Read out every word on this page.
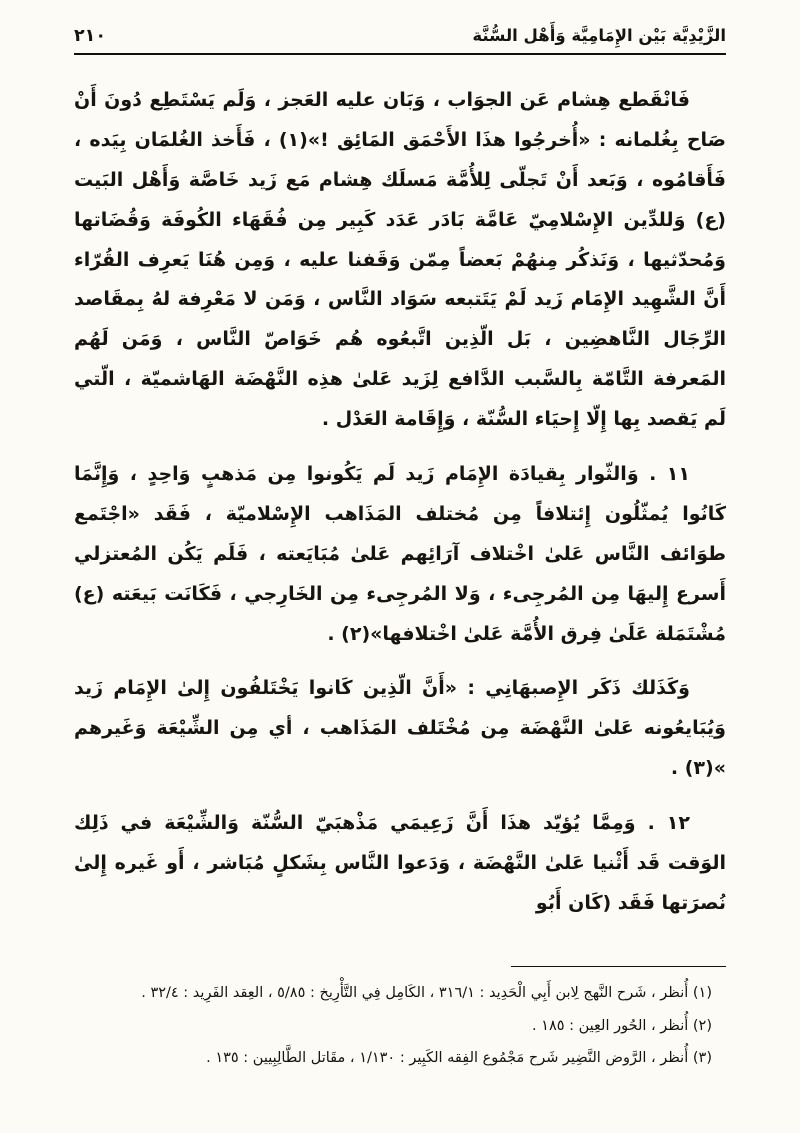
الزَّيْدِيَّة بَيْن الإِمَامِيَّة وَأَهْل السُّنَّة
٢١٠

فَانْقَطع هِشام عَن الجوَاب ، وَبَان عليه العَجز ، وَلَم يَسْتَطِع دُونَ أَنْ صَاح بِغُلمانه : «أُخرجُوا هذَا الأَحْمَق المَائِق !»(١) ، فَأَخذ الغُلمَان بِيَده ، فَأَقامُوه ، وَبَعد أَنْ تَجلّى لِلأُمَّة مَسلَك هِشام مَع زَيد خَاصَّة وَأَهْل البَيت (ع) وَللدِّين الإِسْلامِيّ عَامَّة بَادَر عَدَد كَبِير مِن فُقَهَاء الكُوفَة وَقُضَاتها وَمُحدّثيها ، وَنَذكُر مِنهُمْ بَعضاً مِمّن وَقَفنا عليه ، وَمِن هُنَا يَعرِف القُرّاء أَنَّ الشَّهِيد الإِمَام زَيد لَمْ يَتَتبعه سَوَاد النَّاس ، وَمَن لا مَعْرِفة لهُ بِمقَاصد الرِّجَال النَّاهضِين ، بَل الّذِين اتَّبعُوه هُم خَوَاصّ النَّاس ، وَمَن لَهُم المَعرفة التَّامّة بِالسَّبب الدَّافع لِزَيد عَلىٰ هذِه النَّهْضَة الهَاشميّة ، الّتي لَم يَقصد بِها إِلّا إِحيَاء السُّنّة ، وَإِقَامة العَدْل .

١١ . وَالثّوار بِقيادَة الإِمَام زَيد لَم يَكُونوا مِن مَذهبٍ وَاحِدٍ ، وَإِنَّمَا كَانُوا يُمثّلُون إِئتلافاً مِن مُختلف المَذَاهب الإِسْلاميّة ، فَقَد «اجْتَمع طوَائف النَّاس عَلىٰ اخْتلاف آرَائِهم عَلىٰ مُبَايَعته ، فَلَم يَكُن المُعتزلي أَسرع إِليهَا مِن المُرجِىء ، وَلا المُرجِىء مِن الخَارِجي ، فَكَانَت بَيعَته (ع) مُشْتَمَلة عَلَىٰ فِرق الأُمَّة عَلىٰ اخْتلافها»(٢) .

وَكَذَلك ذَكَر الإِصبهَانِي : «أَنَّ الّذِين كَانوا يَخْتَلفُون إِلىٰ الإِمَام زَيد وَيُبَايعُونه عَلىٰ النَّهْضَة مِن مُخْتَلف المَذَاهب ، أي مِن الشِّيْعَة وَغَيرهم »(٣) .

١٢ . وَمِمَّا يُؤيّد هذَا أَنَّ زَعِيمَي مَذْهبَيّ السُّنّة وَالشِّيْعَة في ذَلِك الوَقت قَد أَثْنيا عَلىٰ النَّهْضَة ، وَدَعوا النَّاس بِشَكلٍ مُبَاشر ، أَو غَيره إِلىٰ نُصرَتها فَقَد (كَان أَبُو

(١) أُنظر ، شَرح النَّهج لِابن أَبِي الْحَدِيد : ٣١٦/١ ، الكَامِل فِي التَّأْرِيخ : ٥/٨٥ ، العِقد الفَرِيد : ٣٢/٤ .

(٢) أُنظر ، الحُور العِين : ١٨٥ .

(٣) أُنظر ، الرَّوض النَّضِير شَرح مَجْمُوع الفِقه الكَبِير : ١/١٣٠ ، مقَاتل الطَّالِبِيين : ١٣٥ .
